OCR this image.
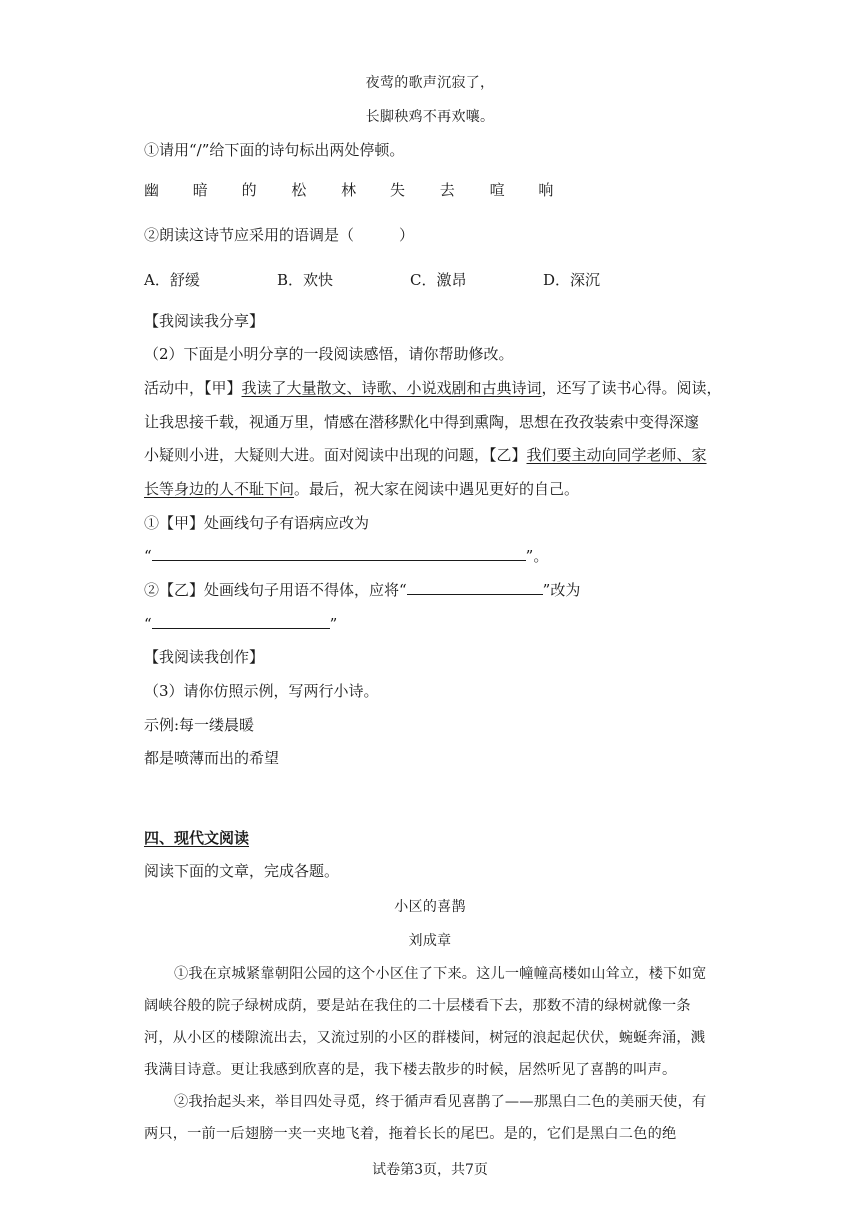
夜莺的歌声沉寂了，
长脚秧鸡不再欢嚷。
①请用“/”给下面的诗句标出两处停顿。
幽 暗 的 松 林 失 去 喧 响
②朗读这诗节应采用的语调是（　　　）
A．舒缓	B．欢快	C．激昂	D．深沉
【我阅读我分享】
（2）下面是小明分享的一段阅读感悟，请你帮助修改。
活动中，【甲】我读了大量散文、诗歌、小说戏剧和古典诗词，还写了读书心得。阅读，
让我思接千载，视通万里，情感在潜移默化中得到熏陶，思想在孜孜装索中变得深邃
小疑则小进，大疑则大进。面对阅读中出现的问题，【乙】我们要主动向同学老师、家
长等身边的人不耻下问。最后，祝大家在阅读中遇见更好的自己。
①【甲】处画线句子有语病应改为
“	”。
②【乙】处画线句子用语不得体，应将“	”改为
“	”
【我阅读我创作】
（3）请你仿照示例，写两行小诗。
示例:每一缕晨暖
都是喷薄而出的希望
四、现代文阅读
阅读下面的文章，完成各题。
小区的喜鹊
刘成章

①我在京城紧靠朝阳公园的这个小区住了下来。这儿一幢幢高楼如山耸立，楼下如宽阔峡谷般的院子绿树成荫，要是站在我住的二十层楼看下去，那数不清的绿树就像一条河，从小区的楼隙流出去，又流过别的小区的群楼间，树冠的浪起起伏伏，蜿蜒奔涌，溅我满目诗意。更让我感到欣喜的是，我下楼去散步的时候，居然听见了喜鹊的叫声。

②我抬起头来，举目四处寻觅，终于循声看见喜鹊了——那黑白二色的美丽天使，有两只，一前一后翅膀一夹一夹地飞着，拖着长长的尾巴。是的，它们是黑白二色的绝

试卷第3页，共7页
